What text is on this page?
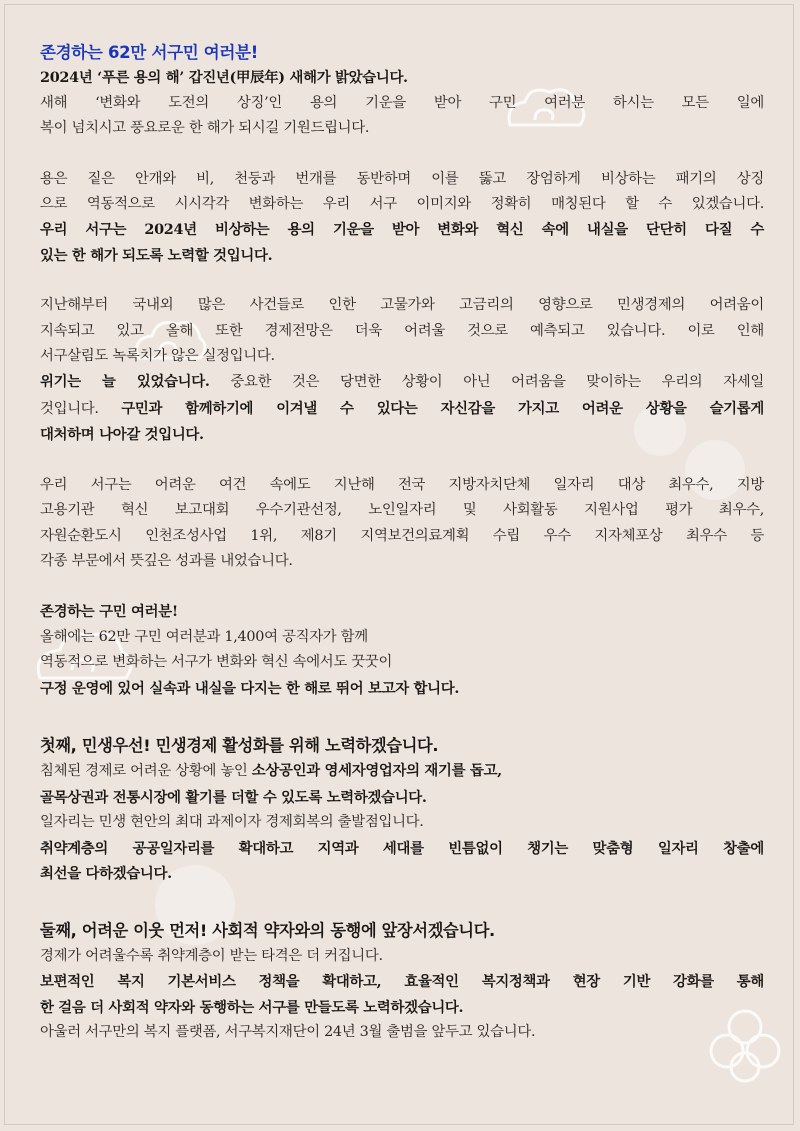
존경하는 62만 서구민 여러분!

2024년 ‘푸른 용의 해’ 갑진년(甲辰年) 새해가 밝았습니다.

새해 ‘변화와 도전의 상징’인 용의 기운을 받아 구민 여러분 하시는 모든 일에

복이 넘치시고 풍요로운 한 해가 되시길 기원드립니다.

용은 짙은 안개와 비, 천둥과 번개를 동반하며 이를 뚫고 장엄하게 비상하는 패기의 상징

으로 역동적으로 시시각각 변화하는 우리 서구 이미지와 정확히 매칭된다 할 수 있겠습니다.

우리 서구는 2024년 비상하는 용의 기운을 받아 변화와 혁신 속에 내실을 단단히 다질 수

있는 한 해가 되도록 노력할 것입니다.

지난해부터 국내외 많은 사건들로 인한 고물가와 고금리의 영향으로 민생경제의 어려움이

지속되고 있고 올해 또한 경제전망은 더욱 어려울 것으로 예측되고 있습니다. 이로 인해

서구살림도 녹록치가 않은 실정입니다.

위기는 늘 있었습니다. 중요한 것은 당면한 상황이 아닌 어려움을 맞이하는 우리의 자세일

것입니다. 구민과 함께하기에 이겨낼 수 있다는 자신감을 가지고 어려운 상황을 슬기롭게

대처하며 나아갈 것입니다.

우리 서구는 어려운 여건 속에도 지난해 전국 지방자치단체 일자리 대상 최우수, 지방

고용기관 혁신 보고대회 우수기관선정, 노인일자리 및 사회활동 지원사업 평가 최우수,

자원순환도시 인천조성사업 1위, 제8기 지역보건의료계획 수립 우수 지자체포상 최우수 등

각종 부문에서 뜻깊은 성과를 내었습니다.

존경하는 구민 여러분!

올해에는 62만 구민 여러분과 1,400여 공직자가 함께

역동적으로 변화하는 서구가 변화와 혁신 속에서도 꿋꿋이

구정 운영에 있어 실속과 내실을 다지는 한 해로 뛰어 보고자 합니다.

첫째, 민생우선! 민생경제 활성화를 위해 노력하겠습니다.

침체된 경제로 어려운 상황에 놓인 소상공인과 영세자영업자의 재기를 돕고,

골목상권과 전통시장에 활기를 더할 수 있도록 노력하겠습니다.

일자리는 민생 현안의 최대 과제이자 경제회복의 출발점입니다.

취약계층의 공공일자리를 확대하고 지역과 세대를 빈틈없이 챙기는 맞춤형 일자리 창출에

최선을 다하겠습니다.

둘째, 어려운 이웃 먼저! 사회적 약자와의 동행에 앞장서겠습니다.

경제가 어려울수록 취약계층이 받는 타격은 더 커집니다.

보편적인 복지 기본서비스 정책을 확대하고, 효율적인 복지정책과 현장 기반 강화를 통해

한 걸음 더 사회적 약자와 동행하는 서구를 만들도록 노력하겠습니다.

아울러 서구만의 복지 플랫폼, 서구복지재단이 24년 3월 출범을 앞두고 있습니다.
